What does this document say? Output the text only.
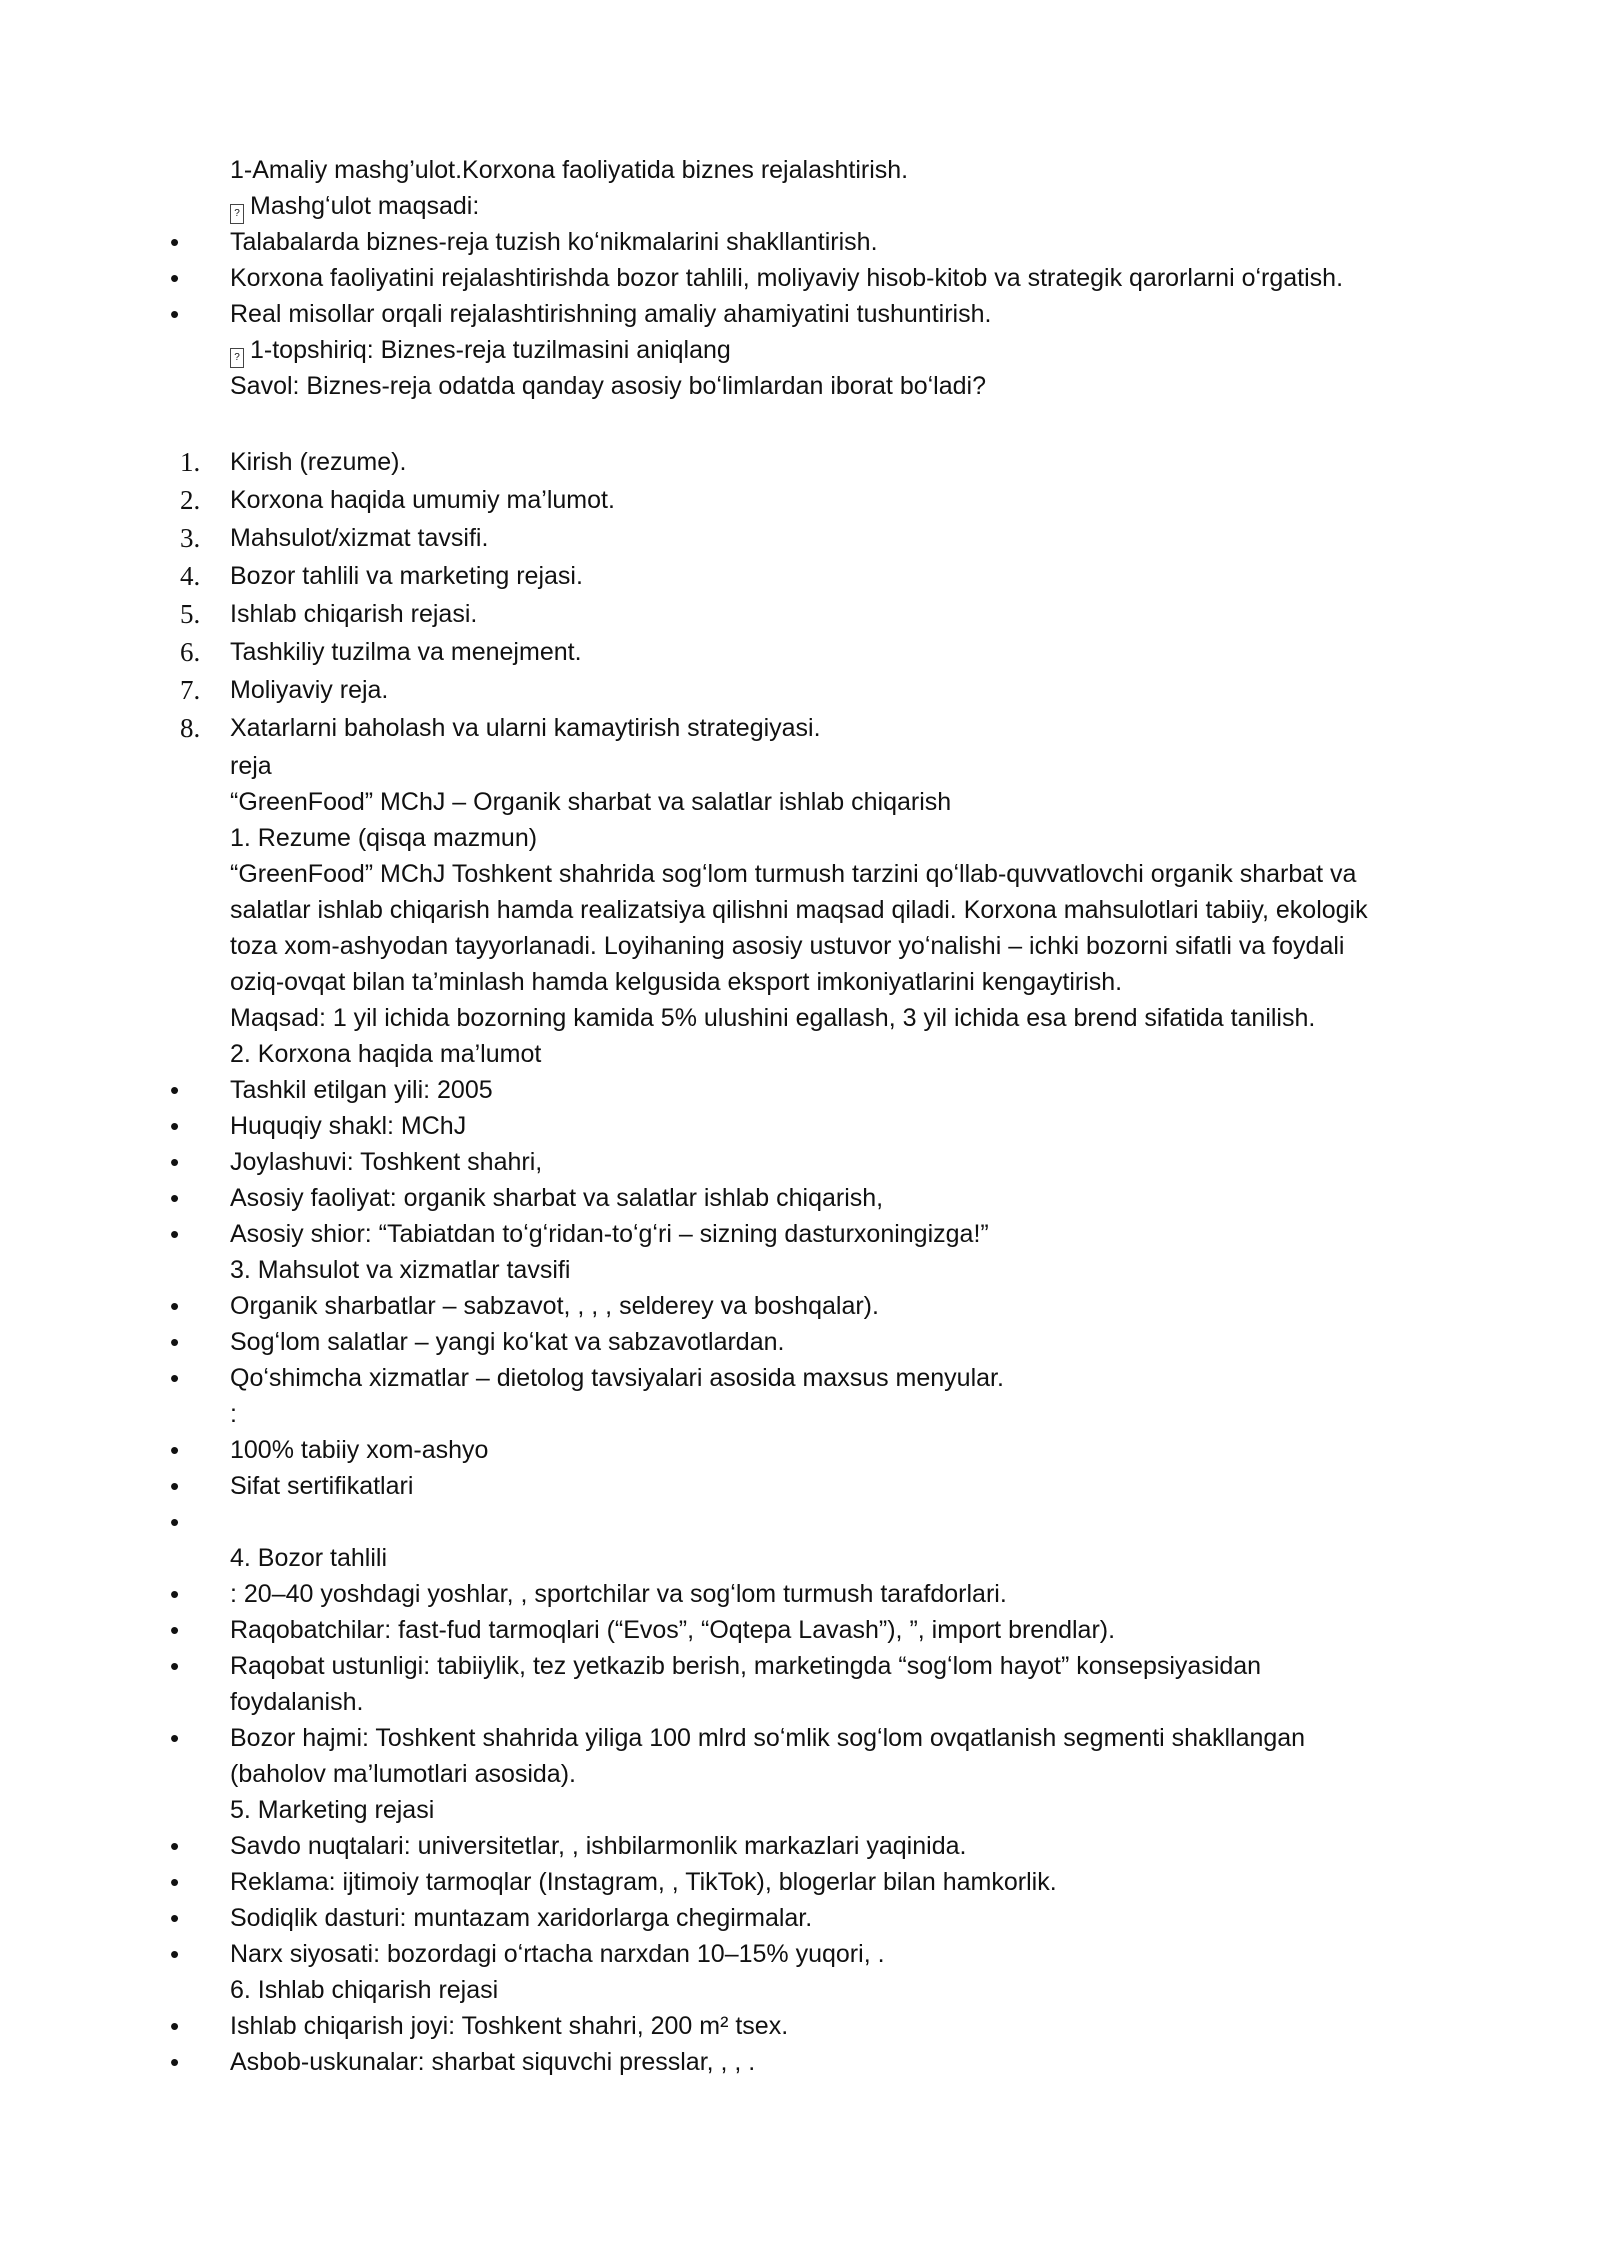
1-Amaliy mashg’ulot.Korxona faoliyatida biznes rejalashtirish.
? Mashgʻulot maqsadi:
•	Talabalarda biznes-reja tuzish koʻnikmalarini shakllantirish.
•	Korxona faoliyatini rejalashtirishda bozor tahlili, moliyaviy hisob-kitob va strategik qarorlarni oʻrgatish.
•	Real misollar orqali rejalashtirishning amaliy ahamiyatini tushuntirish.
? 1-topshiriq: Biznes-reja tuzilmasini aniqlang
Savol: Biznes-reja odatda qanday asosiy boʻlimlardan iborat boʻladi?
1.	Kirish (rezume).
2.	Korxona haqida umumiy ma’lumot.
3.	Mahsulot/xizmat tavsifi.
4.	Bozor tahlili va marketing rejasi.
5.	Ishlab chiqarish rejasi.
6.	Tashkiliy tuzilma va menejment.
7.	Moliyaviy reja.
8.	Xatarlarni baholash va ularni kamaytirish strategiyasi.
reja
“GreenFood” MChJ – Organik sharbat va salatlar ishlab chiqarish
1. Rezume (qisqa mazmun)
“GreenFood” MChJ Toshkent shahrida sogʻlom turmush tarzini qoʻllab-quvvatlovchi organik sharbat va
salatlar ishlab chiqarish hamda realizatsiya qilishni maqsad qiladi. Korxona mahsulotlari tabiiy, ekologik
toza xom-ashyodan tayyorlanadi. Loyihaning asosiy ustuvor yoʻnalishi – ichki bozorni sifatli va foydali
oziq-ovqat bilan ta’minlash hamda kelgusida eksport imkoniyatlarini kengaytirish.
Maqsad: 1 yil ichida bozorning kamida 5% ulushini egallash, 3 yil ichida esa brend sifatida tanilish.
2. Korxona haqida ma’lumot
•	Tashkil etilgan yili: 2005
•	Huquqiy shakl: MChJ
•	Joylashuvi: Toshkent shahri,
•	Asosiy faoliyat: organik sharbat va salatlar ishlab chiqarish,
•	Asosiy shior: “Tabiatdan toʻgʻridan-toʻgʻri – sizning dasturxoningizga!”
3. Mahsulot va xizmatlar tavsifi
•	Organik sharbatlar – sabzavot, , , , selderey va boshqalar).
•	Sogʻlom salatlar – yangi koʻkat va sabzavotlardan.
•	Qoʻshimcha xizmatlar – dietolog tavsiyalari asosida maxsus menyular.
:
•	100% tabiiy xom-ashyo
•	Sifat sertifikatlari
•
4. Bozor tahlili
•	: 20–40 yoshdagi yoshlar, , sportchilar va sogʻlom turmush tarafdorlari.
•	Raqobatchilar: fast-fud tarmoqlari (“Evos”, “Oqtepa Lavash”), ”, import brendlar).
•	Raqobat ustunligi: tabiiylik, tez yetkazib berish, marketingda “sogʻlom hayot” konsepsiyasidan
foydalanish.
•	Bozor hajmi: Toshkent shahrida yiliga 100 mlrd soʻmlik sogʻlom ovqatlanish segmenti shakllangan
(baholov ma’lumotlari asosida).
5. Marketing rejasi
•	Savdo nuqtalari: universitetlar, , ishbilarmonlik markazlari yaqinida.
•	Reklama: ijtimoiy tarmoqlar (Instagram, , TikTok), blogerlar bilan hamkorlik.
•	Sodiqlik dasturi: muntazam xaridorlarga chegirmalar.
•	Narx siyosati: bozordagi oʻrtacha narxdan 10–15% yuqori, .
6. Ishlab chiqarish rejasi
•	Ishlab chiqarish joyi: Toshkent shahri, 200 m² tsex.
•	Asbob-uskunalar: sharbat siquvchi presslar, , , .
